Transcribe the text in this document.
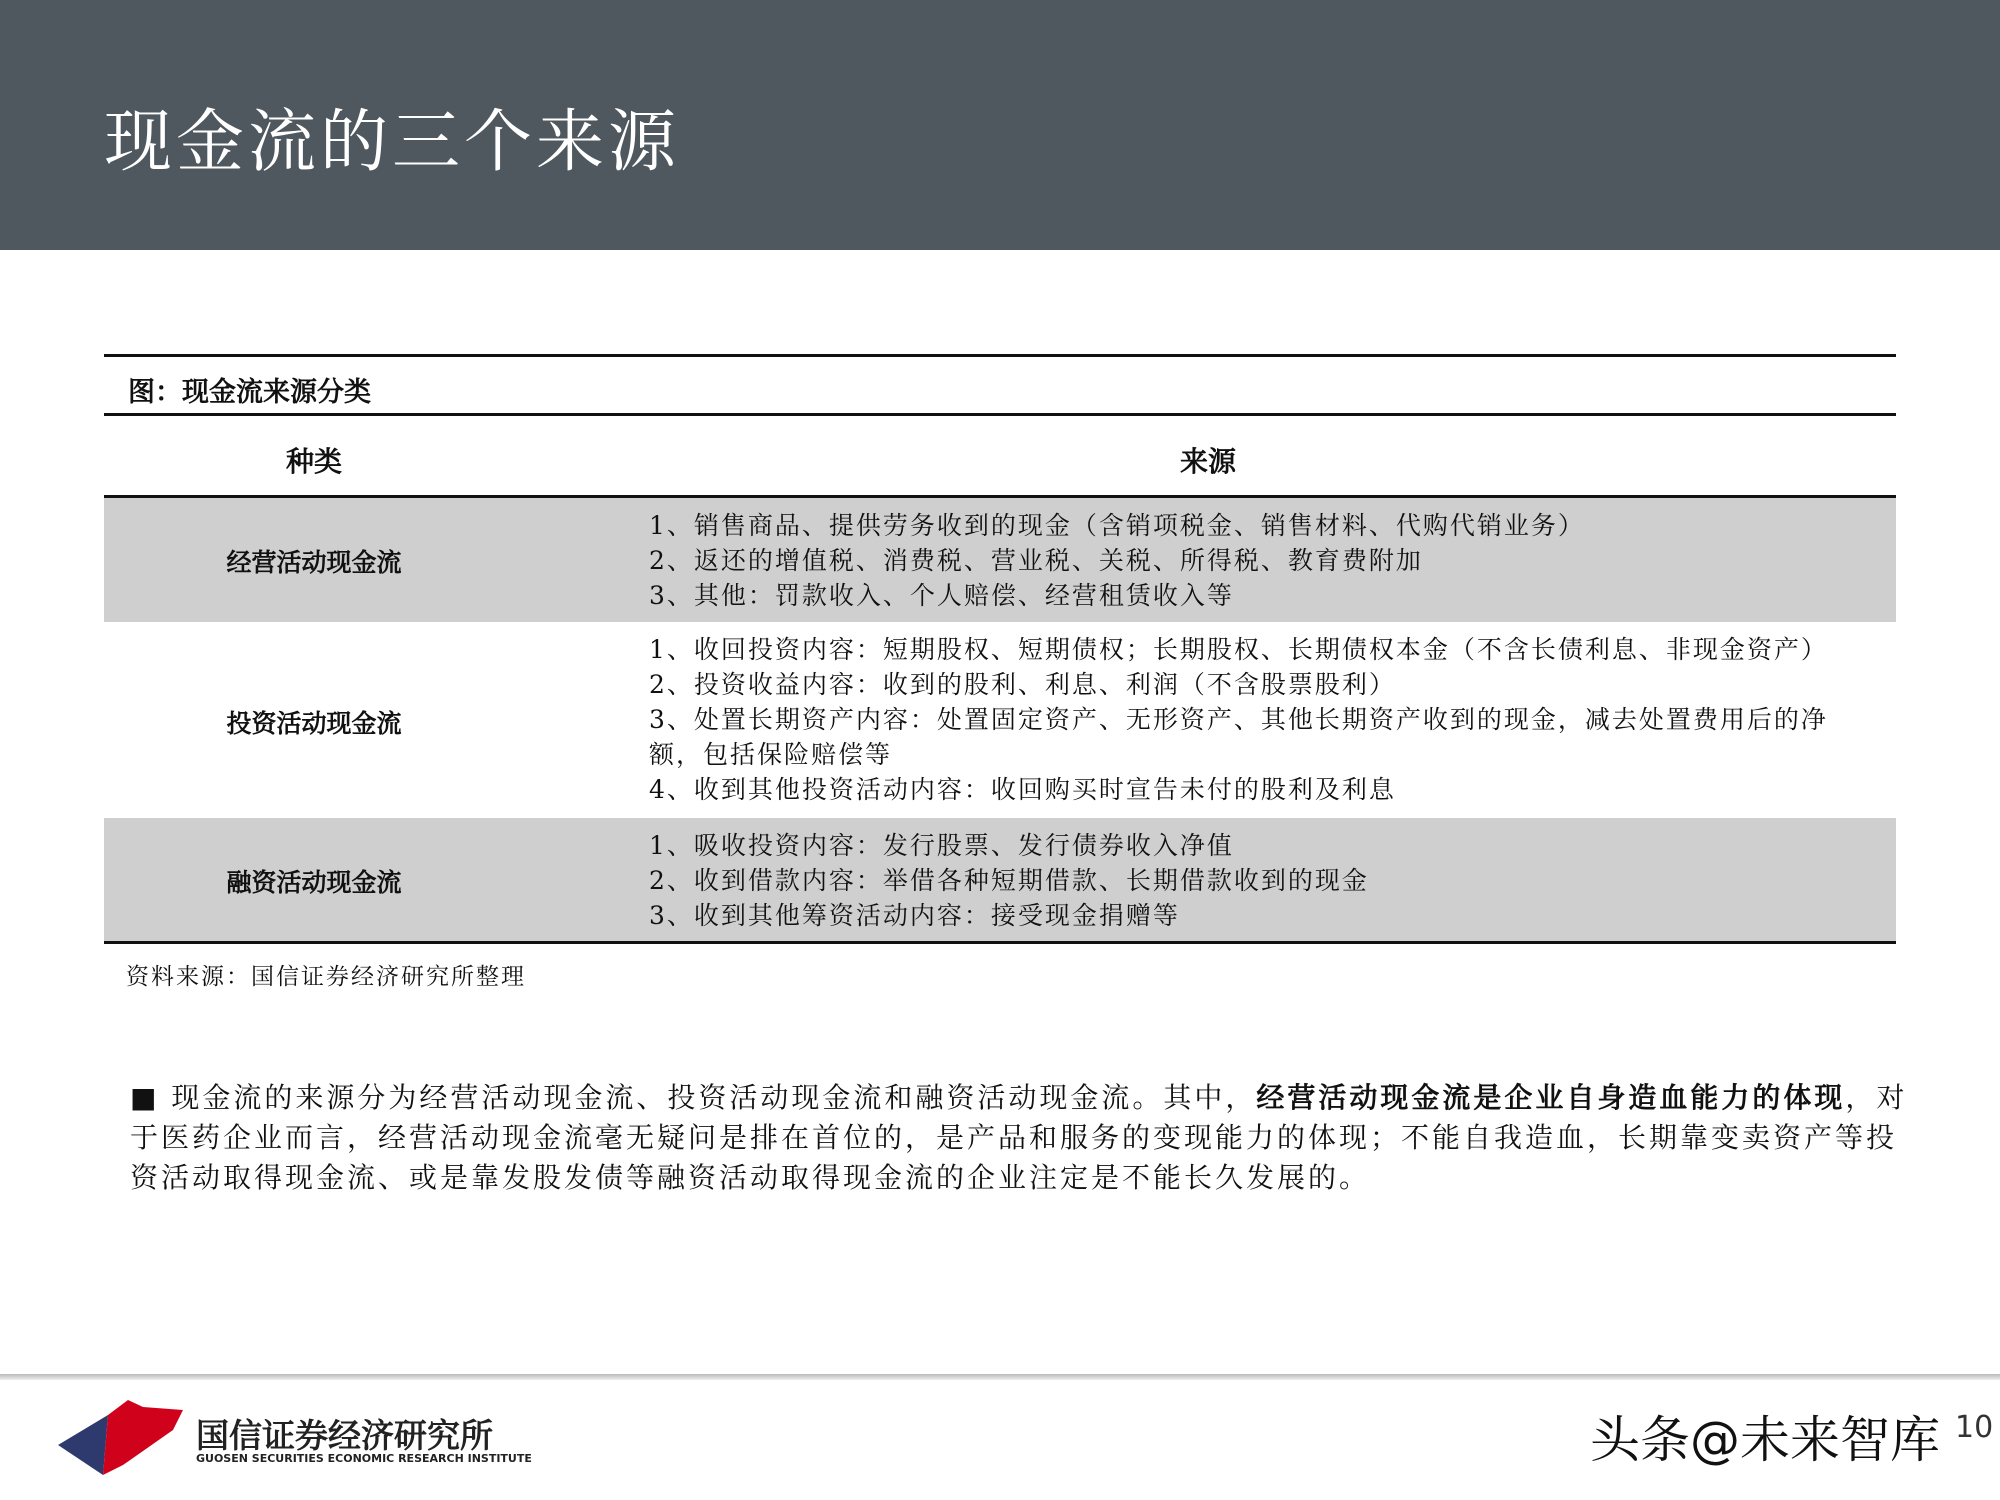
现金流的三个来源
图：现金流来源分类
种类	来源
经营活动现金流
1、销售商品、提供劳务收到的现金（含销项税金、销售材料、代购代销业务）
2、返还的增值税、消费税、营业税、关税、所得税、教育费附加
3、其他：罚款收入、个人赔偿、经营租赁收入等
投资活动现金流
1、收回投资内容：短期股权、短期债权；长期股权、长期债权本金（不含长债利息、非现金资产）
2、投资收益内容：收到的股利、利息、利润（不含股票股利）
3、处置长期资产内容：处置固定资产、无形资产、其他长期资产收到的现金，减去处置费用后的净额，包括保险赔偿等
4、收到其他投资活动内容：收回购买时宣告未付的股利及利息
融资活动现金流
1、吸收投资内容：发行股票、发行债券收入净值
2、收到借款内容：举借各种短期借款、长期借款收到的现金
3、收到其他筹资活动内容：接受现金捐赠等
资料来源：国信证券经济研究所整理
■ 现金流的来源分为经营活动现金流、投资活动现金流和融资活动现金流。其中，经营活动现金流是企业自身造血能力的体现，对于医药企业而言，经营活动现金流毫无疑问是排在首位的，是产品和服务的变现能力的体现；不能自我造血，长期靠变卖资产等投资活动取得现金流、或是靠发股发债等融资活动取得现金流的企业注定是不能长久发展的。
国信证券经济研究所
GUOSEN SECURITIES ECONOMIC RESEARCH INSTITUTE	头条@未来智库 10
